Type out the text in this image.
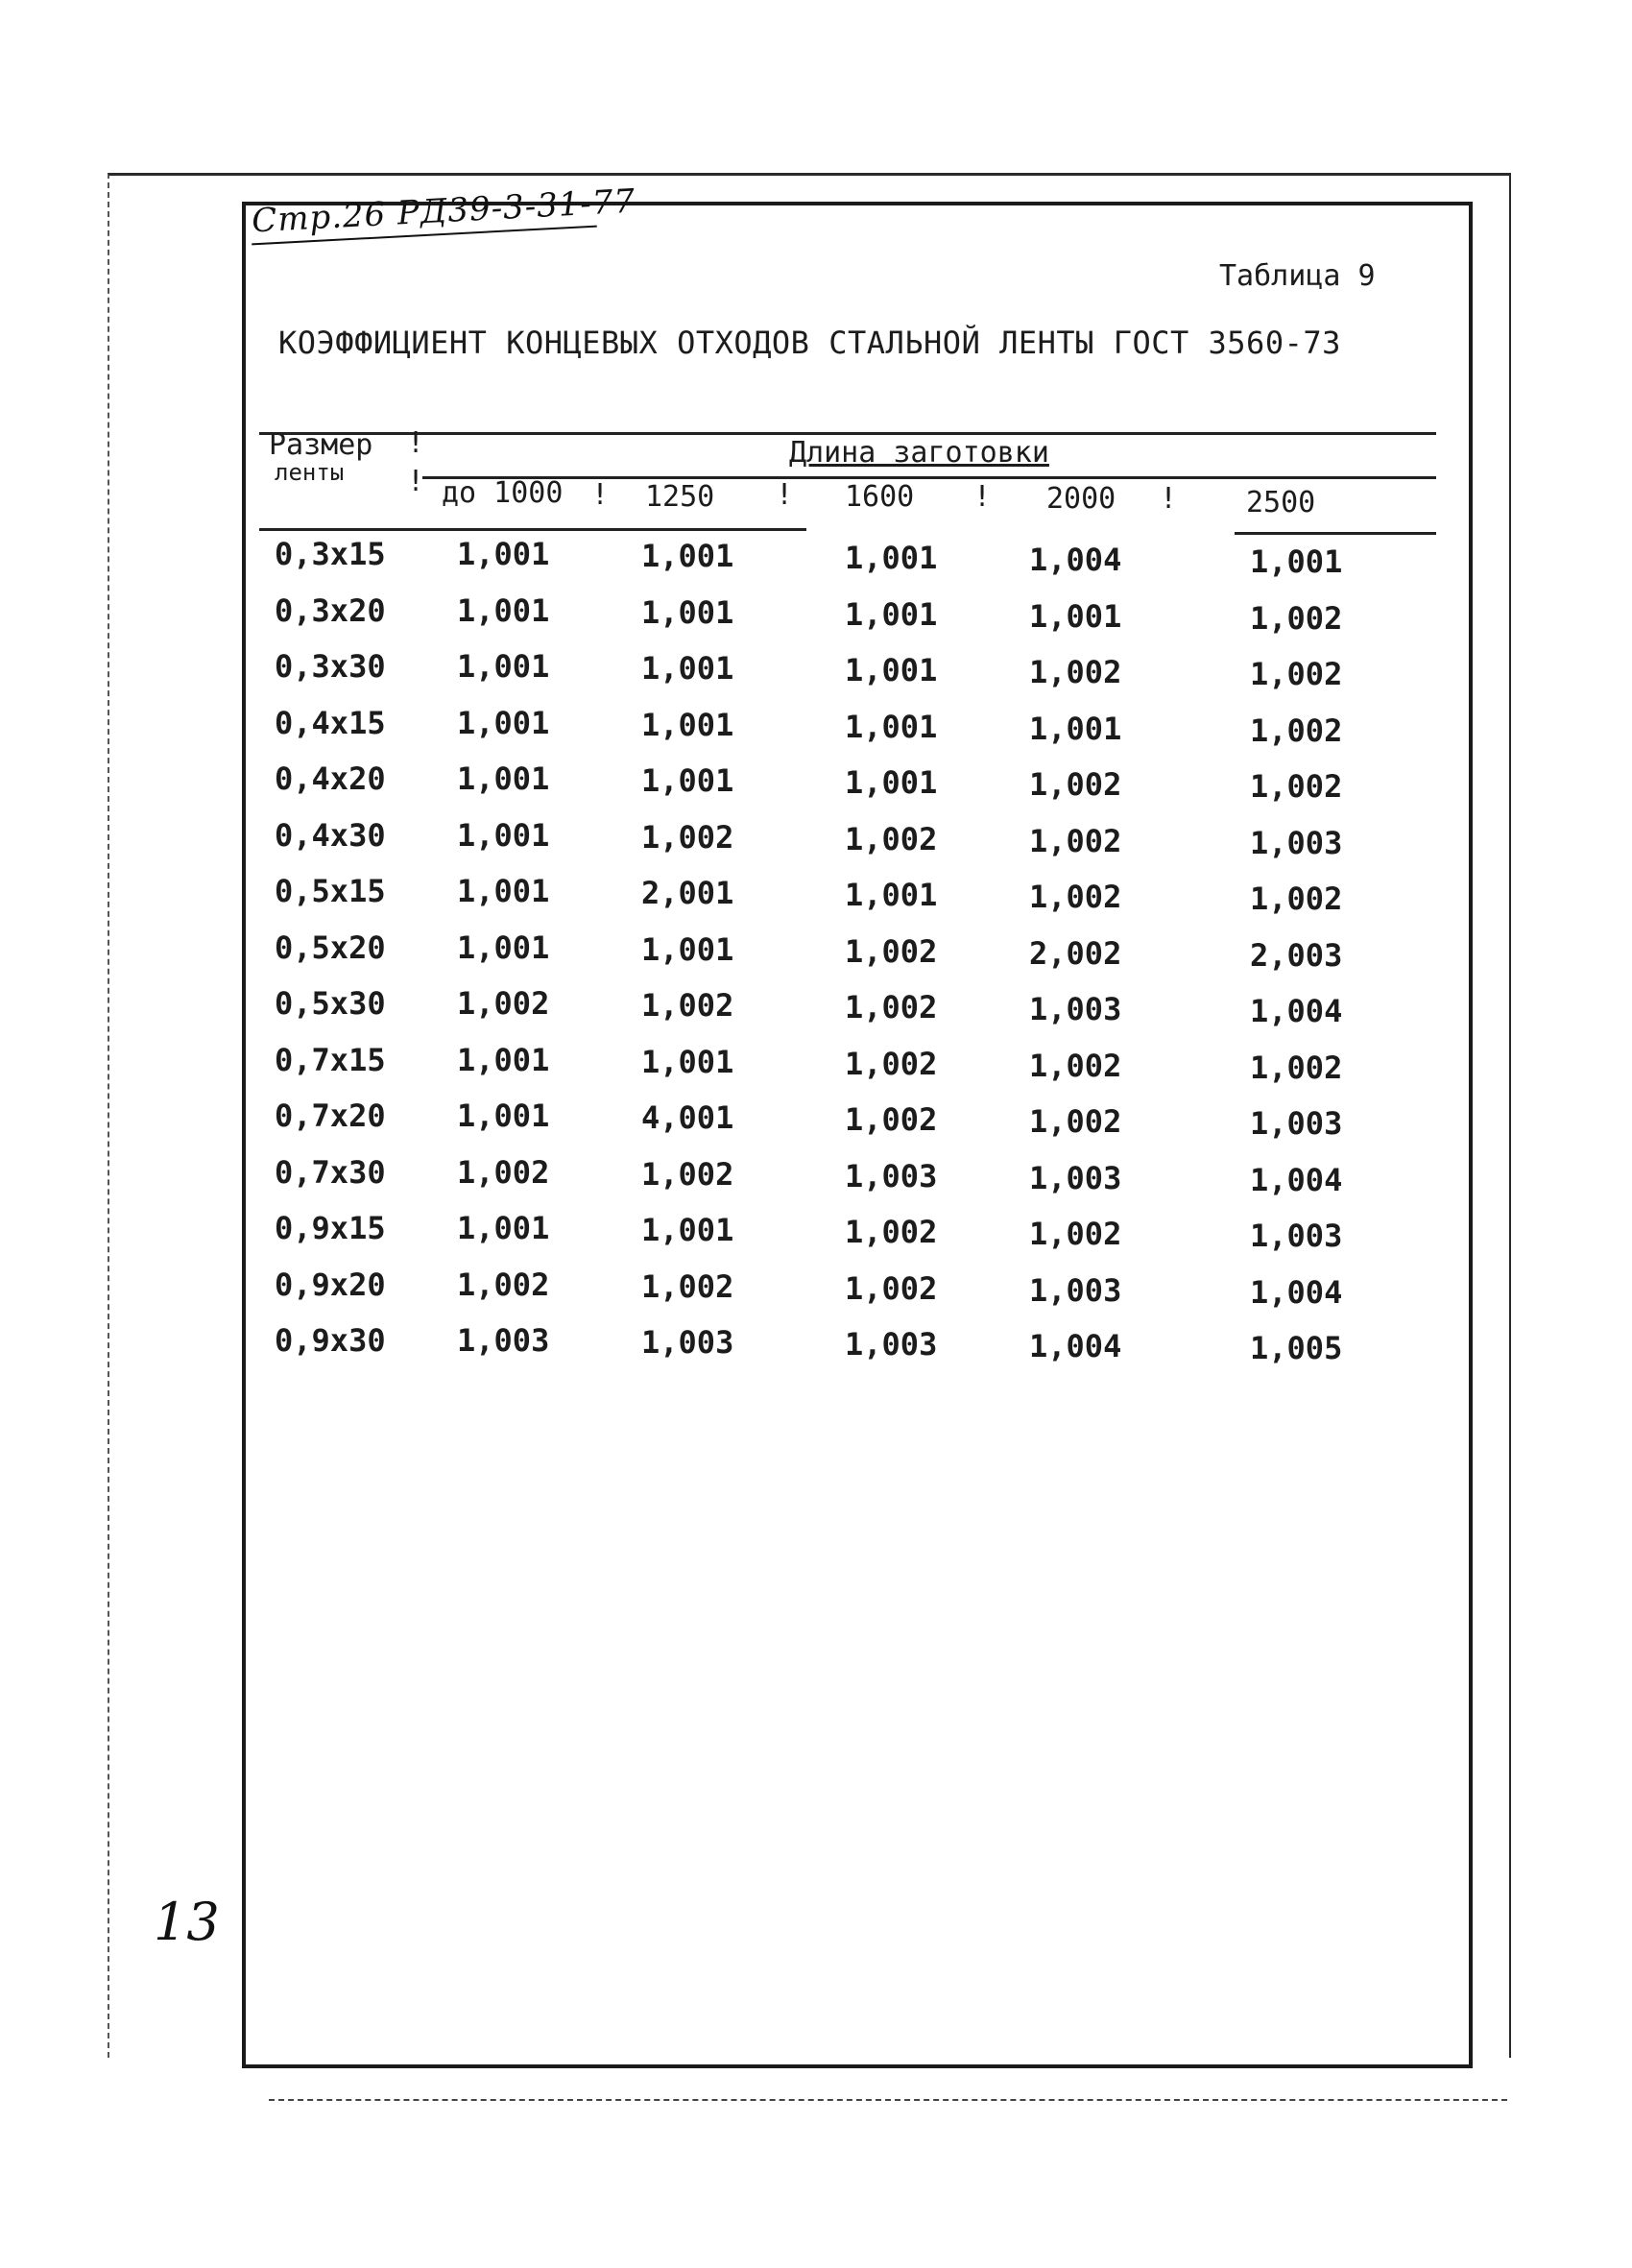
Стр.26 РД39-3-31-77
Таблица 9
КОЭФФИЦИЕНТ КОНЦЕВЫХ ОТХОДОВ СТАЛЬНОЙ ЛЕНТЫ ГОСТ 3560-73
Размер
ленты
!
!
Длина заготовки
до 1000 ! 1250 ! 1600 ! 2000 ! 2500
0,3x15 1,001	1,001	1,001	1,004	1,001
0,3x20 1,001	1,001	1,001	1,001	1,002
0,3x30 1,001	1,001	1,001	1,002	1,002
0,4x15 1,001	1,001	1,001	1,001	1,002
0,4x20 1,001	1,001	1,001	1,002	1,002
0,4x30 1,001	1,002	1,002	1,002	1,003
0,5x15 1,001	2,001	1,001	1,002	1,002
0,5x20 1,001	1,001	1,002	2,002	2,003
0,5x30 1,002	1,002	1,002	1,003	1,004
0,7x15 1,001	1,001	1,002	1,002	1,002
0,7x20 1,001	4,001	1,002	1,002	1,003
0,7x30 1,002	1,002	1,003	1,003	1,004
0,9x15 1,001	1,001	1,002	1,002	1,003
0,9x20 1,002	1,002	1,002	1,003	1,004
0,9x30 1,003	1,003	1,003	1,004	1,005
13
